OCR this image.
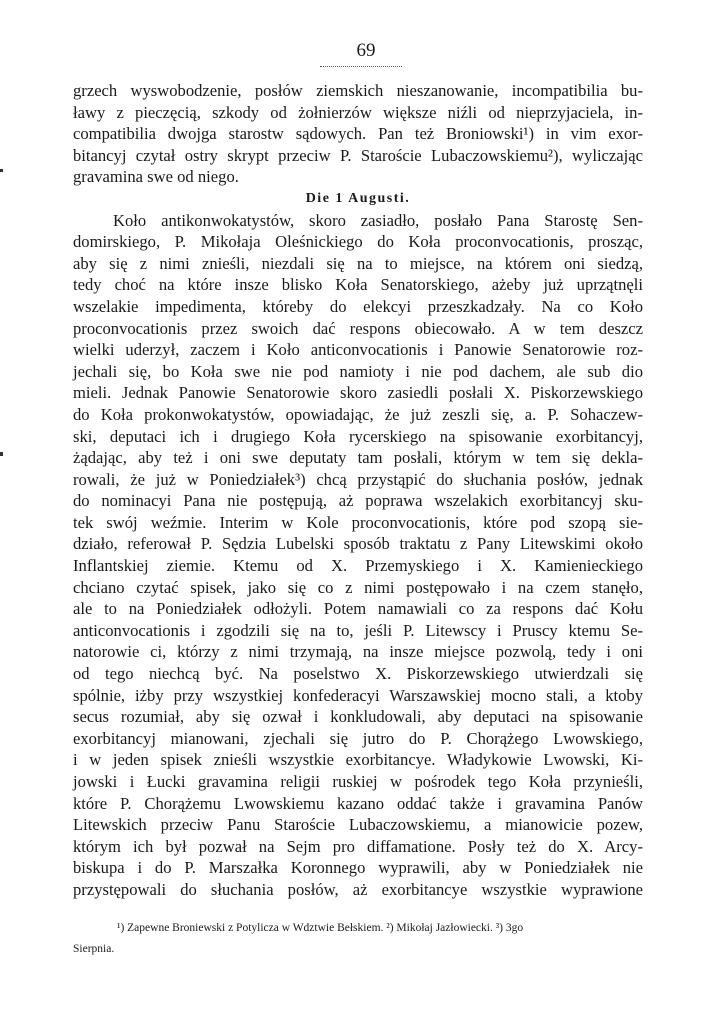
69
grzech wyswobodzenie, posłów ziemskich nieszanowanie, incompatibilia bu-
ławy z pieczęcią, szkody od żołnierzów większe niźli od nieprzyjaciela, in-
compatibilia dwojga starostw sądowych. Pan też Broniowski¹) in vim exor-
bitancyj czytał ostry skrypt przeciw P. Staroście Lubaczowskiemu²), wyliczając
gravamina swe od niego.
Die 1 Augusti.
Koło antikonwokatystów, skoro zasiadło, posłało Pana Starostę Sen-
domirskiego, P. Mikołaja Oleśnickiego do Koła proconvocationis, prosząc,
aby się z nimi znieśli, niezdali się na to miejsce, na którem oni siedzą,
tedy choć na które insze blisko Koła Senatorskiego, ażeby już uprzątnęli
wszelakie impedimenta, któreby do elekcyi przeszkadzały. Na co Koło
proconvocationis przez swoich dać respons obiecowało. A w tem deszcz
wielki uderzył, zaczem i Koło anticonvocationis i Panowie Senatorowie roz-
jechali się, bo Koła swe nie pod namioty i nie pod dachem, ale sub dio
mieli. Jednak Panowie Senatorowie skoro zasiedli posłali X. Piskorzewskiego
do Koła prokonwokatystów, opowiadając, że już zeszli się, a. P. Sohaczew-
ski, deputaci ich i drugiego Koła rycerskiego na spisowanie exorbitancyj,
żądając, aby też i oni swe deputaty tam posłali, którym w tem się dekla-
rowali, że już w Poniedziałek³) chcą przystąpić do słuchania posłów, jednak
do nominacyi Pana nie postępują, aż poprawa wszelakich exorbitancyj sku-
tek swój weźmie. Interim w Kole proconvocationis, które pod szopą sie-
działo, referował P. Sędzia Lubelski sposób traktatu z Pany Litewskimi około
Inflantskiej ziemie. Ktemu od X. Przemyskiego i X. Kamienieckiego
chciano czytać spisek, jako się co z nimi postępowało i na czem stanęło,
ale to na Poniedziałek odłożyli. Potem namawiali co za respons dać Kołu
anticonvocationis i zgodzili się na to, jeśli P. Litewscy i Pruscy ktemu Se-
natorowie ci, którzy z nimi trzymają, na insze miejsce pozwolą, tedy i oni
od tego niechcą być. Na poselstwo X. Piskorzewskiego utwierdzali się
spólnie, iżby przy wszystkiej konfederacyi Warszawskiej mocno stali, a ktoby
secus rozumiał, aby się ozwał i konkludowali, aby deputaci na spisowanie
exorbitancyj mianowani, zjechali się jutro do P. Chorążego Lwowskiego,
i w jeden spisek znieśli wszystkie exorbitancye. Władykowie Lwowski, Ki-
jowski i Łucki gravamina religii ruskiej w pośrodek tego Koła przynieśli,
które P. Chorążemu Lwowskiemu kazano oddać także i gravamina Panów
Litewskich przeciw Panu Staroście Lubaczowskiemu, a mianowicie pozew,
którym ich był pozwał na Sejm pro diffamatione. Posły też do X. Arcy-
biskupa i do P. Marszałka Koronnego wyprawili, aby w Poniedziałek nie
przystępowali do słuchania posłów, aż exorbitancye wszystkie wyprawione
¹) Zapewne Broniewski z Potylicza w Wdztwie Bełskiem. ²) Mikołaj Jazłowiecki. ³) 3go
Sierpnia.
